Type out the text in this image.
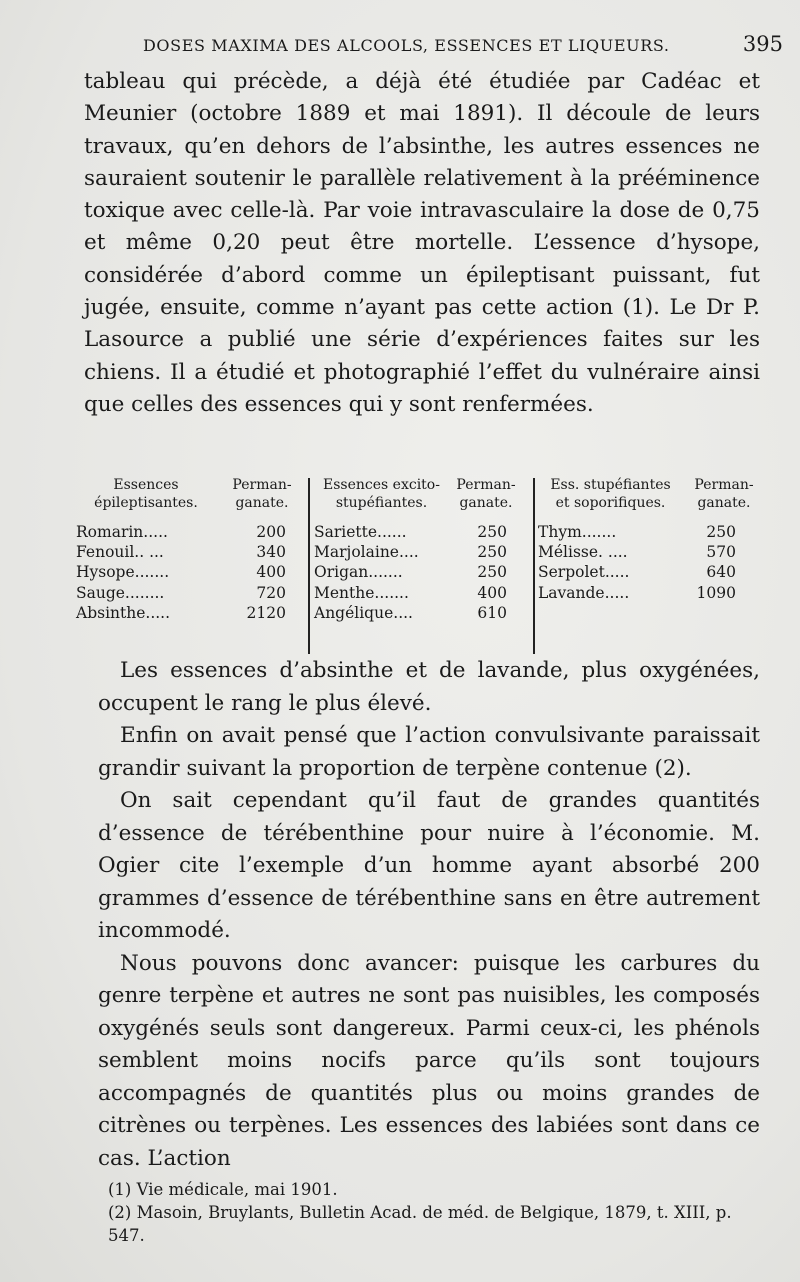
DOSES MAXIMA DES ALCOOLS, ESSENCES ET LIQUEURS.	395

tableau qui précède, a déjà été étudiée par Cadéac et Meunier (octobre 1889 et mai 1891). Il découle de leurs travaux, qu’en dehors de l’absinthe, les autres essences ne sauraient soutenir le parallèle relativement à la prééminence toxique avec celle-là. Par voie intravasculaire la dose de 0,75 et même 0,20 peut être mortelle. L’essence d’hysope, considérée d’abord comme un épileptisant puissant, fut jugée, ensuite, comme n’ayant pas cette action (1). Le Dr P. Lasource a publié une série d’expériences faites sur les chiens. Il a étudié et photographié l’effet du vulnéraire ainsi que celles des essences qui y sont renfermées.

Essences
épileptisantes.
Perman-
ganate.
Romarin.....	200
Fenouil.. ...	340
Hysope.......	400
Sauge........	720
Absinthe.....	2120
Essences excito-
stupéfiantes.
Perman-
ganate.
Sariette......	250
Marjolaine....	250
Origan.......	250
Menthe.......	400
Angélique....	610
Ess. stupéfiantes
et soporifiques.
Perman-
ganate.
Thym.......	250
Mélisse. ....	570
Serpolet.....	640
Lavande.....	1090

Les essences d’absinthe et de lavande, plus oxygénées, occupent le rang le plus élevé.

Enfin on avait pensé que l’action convulsivante paraissait grandir suivant la proportion de terpène contenue (2).

On sait cependant qu’il faut de grandes quantités d’essence de térébenthine pour nuire à l’économie. M. Ogier cite l’exemple d’un homme ayant absorbé 200 grammes d’essence de térébenthine sans en être autrement incommodé.

Nous pouvons donc avancer: puisque les carbures du genre terpène et autres ne sont pas nuisibles, les composés oxygénés seuls sont dangereux. Parmi ceux-ci, les phénols semblent moins nocifs parce qu’ils sont toujours accompagnés de quantités plus ou moins grandes de citrènes ou terpènes. Les essences des labiées sont dans ce cas. L’action

(1) Vie médicale, mai 1901.

(2) Masoin, Bruylants, Bulletin Acad. de méd. de Belgique, 1879, t. XIII, p. 547.
